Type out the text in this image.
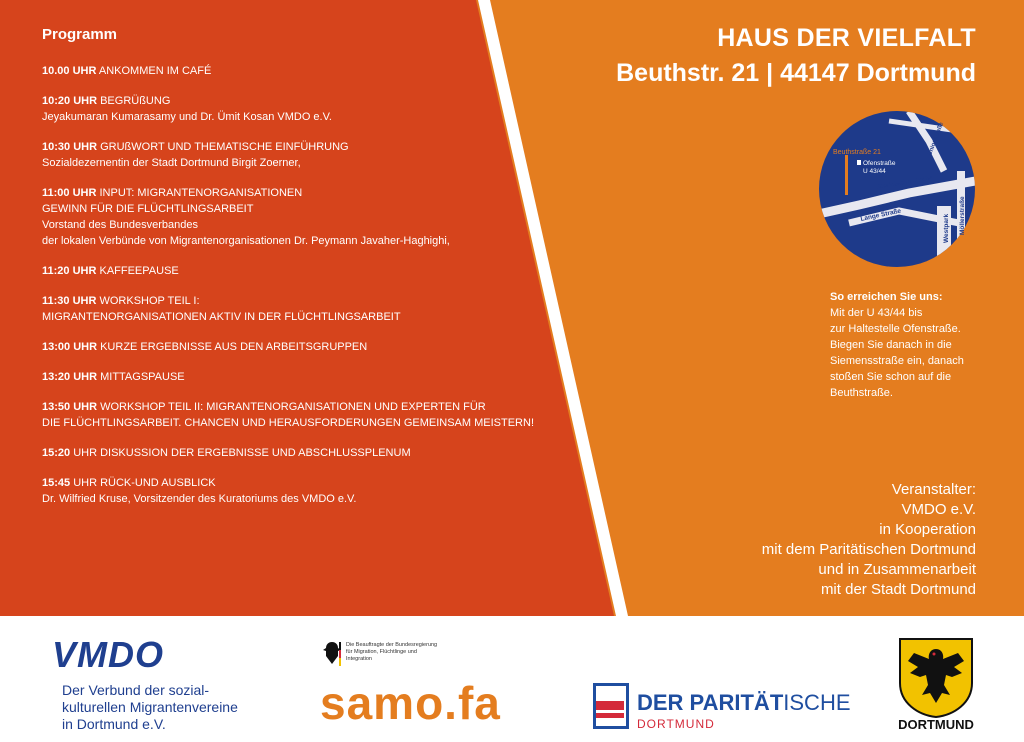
Programm
10.00 UHR ANKOMMEN IM CAFÉ
10:20 UHR BEGRÜßUNG
Jeyakumaran Kumarasamy und Dr. Ümit Kosan VMDO e.V.
10:30 UHR GRUßWORT UND THEMATISCHE EINFÜHRUNG
Sozialdezernentin der Stadt Dortmund Birgit Zoerner,
11:00 UHR INPUT: MIGRANTENORGANISATIONEN
GEWINN FÜR DIE FLÜCHTLINGSARBEIT
Vorstand des Bundesverbandes
der lokalen Verbünde von Migrantenorganisationen Dr. Peymann Javaher-Haghighi,
11:20 UHR KAFFEEPAUSE
11:30 UHR WORKSHOP TEIL I:
MIGRANTENORGANISATIONEN AKTIV IN DER FLÜCHTLINGSARBEIT
13:00 UHR KURZE ERGEBNISSE AUS DEN ARBEITSGRUPPEN
13:20 UHR MITTAGSPAUSE
13:50 UHR WORKSHOP TEIL II: MIGRANTENORGANISATIONEN UND EXPERTEN FÜR
DIE FLÜCHTLINGSARBEIT. CHANCEN UND HERAUSFORDERUNGEN GEMEINSAM MEISTERN!
15:20 UHR DISKUSSION DER ERGEBNISSE UND ABSCHLUSSPLENUM
15:45 UHR RÜCK-UND AUSBLICK
Dr. Wilfried Kruse, Vorsitzender des Kuratoriums des VMDO e.V.
HAUS DER VIELFALT
Beuthstr. 21 | 44147 Dortmund
Beuthstraße 21
Ofenstraße
U 43/44
Rheinische Straße
Lange Straße
Unionstraße
Westpark Möllerstraße
So erreichen Sie uns:
Mit der U 43/44 bis
zur Haltestelle Ofenstraße.
Biegen Sie danach in die
Siemensstraße ein, danach
stoßen Sie schon auf die
Beuthstraße.
Veranstalter:
VMDO e.V.
in Kooperation
mit dem Paritätischen Dortmund
und in Zusammenarbeit
mit der Stadt Dortmund
VMDO
Der Verbund der sozial-
kulturellen Migrantenvereine
in Dortmund e.V.
Die Beauftragte der Bundesregierung
für Migration, Flüchtlinge und
Integration
samo.fa	DER PARITÄTISCHE
DORTMUND	DORTMUND
